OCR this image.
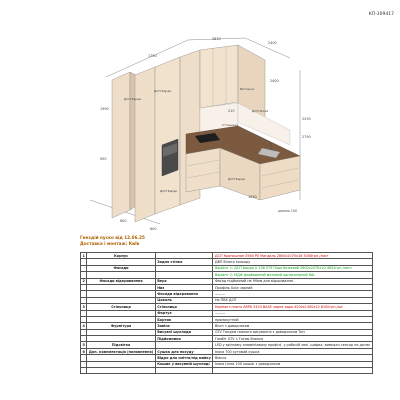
КП-309417
1750
2810
2400
2250
2790
1990
900
600
600
2400
210
1950
ДСП Бардо
ДСП Бардо
Стільниця
ДСП білий
Витяжка
ДСП Бардо
ДСП Бардо
цоколь 100
Гнездій пуско від 12.06.25
Доставка і монтаж: Київ
1	Корпус		ДСП Кроношпан 0564 PE Мигдаль 2800х2070х18 3008грн./лист
		Задня стінка	ДВП білого кольору
	Фасади		Варіант 1: ДСП Бардо U 156 ST9 Піщо бежевий 2800х2070х10 4632грн./лист
			Варіант 2: МДФ фарбований матовий одноколірний RAL
2	Фасади відкриванння	Верх	Фасад підйомний на 90мм для відкривання
		Низ	Профіль Gola чорний
		Фасади відкривання	———
		Цоколь	На ПВХ ДСП
3	Стільниця	Стільниця	Компакт-плита ARPA 3323 BASE чорна ядро 4200х1300х12 8100грн./шт
		Фартух	———
		Бортик	прямокутний
4	Фурнітура	Завіси	Blum з доводчиком
		Висувні шухляди	GTV Тандем повного висування з доводчиком Тип
		Підйомники	Гамбіт GTV з Тягою бланко
5	Підсвітка		LED у врізному алюмінієвому профілі, у робочій зоні, шафах, вимикач сенсор на дотик
6	Доп. комплектація (наповнення)	Сушка для посуду	Inoxa 700 кутовий сушка
		Відро для сміття/під мийку	Blanco
		Кошик у висувній шухляді	Inoxa Linea 100 кошик з доводчиком
